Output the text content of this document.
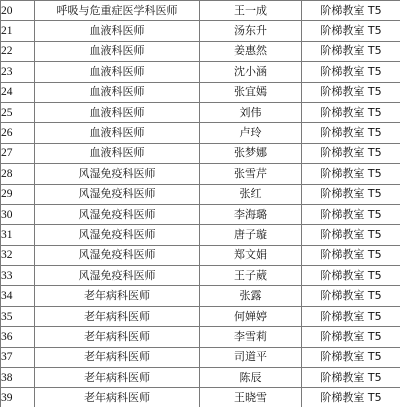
20	呼吸与危重症医学科医师	王一成	阶梯教室 T5
21	血液科医师	汤东升	阶梯教室 T5
22	血液科医师	姜惠然	阶梯教室 T5
23	血液科医师	沈小涵	阶梯教室 T5
24	血液科医师	张宜嫣	阶梯教室 T5
25	血液科医师	刘伟	阶梯教室 T5
26	血液科医师	卢玲	阶梯教室 T5
27	血液科医师	张梦娜	阶梯教室 T5
28	风湿免疫科医师	张雪芹	阶梯教室 T5
29	风湿免疫科医师	张红	阶梯教室 T5
30	风湿免疫科医师	李海璐	阶梯教室 T5
31	风湿免疫科医师	唐子璇	阶梯教室 T5
32	风湿免疫科医师	郑文娟	阶梯教室 T5
33	风湿免疫科医师	王子葳	阶梯教室 T5
34	老年病科医师	张露	阶梯教室 T5
35	老年病科医师	何婵婷	阶梯教室 T5
36	老年病科医师	李雪莉	阶梯教室 T5
37	老年病科医师	司道平	阶梯教室 T5
38	老年病科医师	陈辰	阶梯教室 T5
39	老年病科医师	王晓雪	阶梯教室 T5
